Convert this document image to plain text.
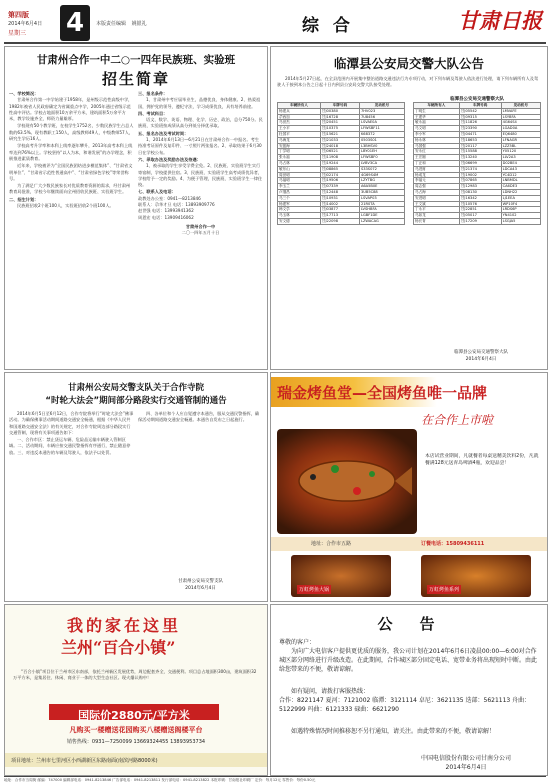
第四版
2014年6月4日
星期三 4	本版责任编辑 姚银礼	综 合	甘肃日报
甘肃州合作一中二○一四年民族班、实验班
招生简章
一、学校简况：

甘肃州合作第一中学始建于1958年，是州级示范性高级中学，1982年被省人民政府确定为省属重点中学，2005年通过省级示范性高中评估。学校占地面积10万余平方米，建筑面积5万余平方米，教学设施齐全，师资力量雄厚。

学校现有50个教学班，在校学生1752名，少数民族学生占总人数的63.5%。现有教职工150人，高级教师49人，中级教师57人，研究生学历16人。

学校高考升学率和本科上线率逐年攀升，2013年高考本科上线率达到76%以上。学校坚持“以人为本，和谐发展”的办学理念，积极推进素质教育。

近年来，学校被评为“全国民族团结进步模范集体”、“甘肃省文明单位”、“甘肃省示范性普通高中”、“甘肃省绿色学校”等荣誉称号。

为了满足广大少数民族家长对优质教育资源的需求，经甘肃州教育局批准，学校今年继续面向全州招收民族班、实验班学生。

二、招生计划：

民族班招收2个班100人，实验班招收2个班100人。

三、报名条件：

1、甘肃州中考应届毕业生，品德优良、身体健康。2、热爱祖国，拥护党的领导，遵纪守法，学习成绩优良，具有培养前途。

四、考试科目：

语文、数学、英语、物理、化学、历史、政治，总分750分。民族班、实验班按成绩从高分到低分择优录取。

五、报名办法及考试时间：

1、2014年6月13日—6月21日在甘肃州合作一中报名。考生持准考证原件及复印件、一寸照片两张报名。2、录取结果于6月30日在学校公布。

六、录取办法及奖励办法及待遇：

1、被录取的学生享受学费全免。2、民族班、实验班学生实行寄宿制，学校提供住宿。3、民族班、实验班学生高考成绩优异者，学校给予一定的奖励。4、为便于管理，民族班、实验班学生一律住校。

七、联系人及电话：
政教处办公室：0941—8213846
联系人：尕华才旦 电话：13893909776
赵世强 电话：13993941362
周恩宏 电话：13909416062
甘肃州合作一中
二〇一四年五月十日
临潭县公安局交警大队公告
2014年5月27日起，在全县范围内开展集中整治道路交通违法行为专项行动，对下列车辆及驾驶人依法进行处理，请下列车辆所有人及驾驶人于接到本公告之日起十日内到县公安局交警大队接受处理。
临潭县公安局交通警察大队
车辆所有人	车牌号码	发动机号
杨建兵	甘J00380	7HV023
尕西加	甘J16728	7U8456
马世杰	甘J20451	LSVAE0A
王小平	甘J10375	LFWSBF11
杜国平	甘J15621	K68372
马海龙	甘J21033	0503S01
安振海	甘J24018	L3BHSV0
丁学明	甘J06521	LBY01EH
张永福	甘J11908	LFWSBF0
马占林	甘J19244	LVBV3CA
敏东山	甘J08865	S33S072
周世明	甘J02174	4G69S4M
马福明	甘J19506	LZYTBG
李玉兰	甘J07339	A6A5B0E
卢继昌	甘J12448	3UB5C88
马三个	甘J10931	LSVAP03
杨建军	甘J14002	21R0TA
韩文学	甘J03877	LVSHBFA
马玉林	甘J17713	LGBF1DE
安文德	甘J22098	LZWACAG
车辆所有人	车牌号码	发动机号
丁明生	甘J05542	LMVAFE
王建华	甘J09315	LSYBFA
敏永福	甘J11826	4G64S4
马文明	甘J23390	LGAD0A
李小军	甘J04471	EQ6480
杨永林	甘J18653	LFNAGR
马国强	甘J20117	LZZ5BL
安永红	甘J15588	Y05120
王宏刚	甘J13240	LLV2A3
丁正和	甘J06699	D02BE4
马进财	甘J21374	LDCA43
杨成龙	甘J19002	YC4D12
李福元	甘J07865	LNBMDL
周志强	甘J12983	CA6DE3
马占海	甘J08130	LDNH22
安进明	甘J16342	LJ1EEA
王文斌	甘J10576	WP10F4
丁永平	甘J22851	LRDS6P
马如龙	甘J05017	YN4102
杨长青	甘J17209	LSGJA5
临潭县公安局交通警察大队
2014年6月4日
甘肃州公安局交警支队关于合作寺院
“时轮大法会”期间部分路段实行交通管制的通告

2014年6月5日至6月12日，合作寺院将举行“时轮大法会”佛事活动。为确保佛事活动期间道路交通安全畅通，根据《中华人民共和国道路交通安全法》的有关规定，对合作寺院周边部分路段实行交通管制，现将有关事项通告如下：

一、合作市区：禁止货运车辆、危险品运输车辆驶入管制区域。二、活动期间，车辆应按交通民警指挥有序通行，禁止随意停放。三、对违反本通告的车辆及驾驶人，依法予以处罚。

四、各单位和个人应自觉遵守本通告，服从交通民警指挥，确保活动期间道路交通安全畅通。本通告自发布之日起施行。

甘肃州公安局交警支队
2014年6月4日
瑞金烤鱼堂—全国烤鱼唯一品牌
在合作上市啦
本店试营业期间，凡就餐者每桌送精美饮料2份，凡就餐满128元送青岛啤酒4瓶，欢迎品尝！
地址：合作市五路	订餐电话：15809436111
万虹烤鱼大锅	万虹烤鱼系列
我的家在这里
兰州“百合小镇”
“百合小镇”项目位于兰州市区东南部，依托兰州新区发展优势，周边配套齐全，交通便利。项目总占地面积300亩，建筑面积32万平方米，是集居住、休闲、商业于一体的大型生态社区。现火爆认购中！
国际价2880元/平方米
凡购买一楼赠送花园购买八楼赠送阁楼平台
销售热线：0931—7250099 13669324455 13893953734
项目地址：兰州市七里河区小西湖新区东路南面(南滨河路8000米)
公　告
尊敬的客户：
为向广大电信客户提供更优质的服务，我公司计划在2014年6月6日凌晨00:00—6:00对合作城区部分网络进行升级改造。在此期间，合作城区部分固定电话、宽带业务将出现短时中断。由此给您带来的不便，敬请谅解。
如有疑问，请拨打客服热线：
合作：8221147 夏河：7121002 临潭：3121114 卓尼：3621135 迭部：5621113 舟曲：5122999 玛曲：6121333 碌曲：6621290
如遇特殊情况时间推移恕不另行通知，请关注。由此带来的不便，敬请谅解！
中国电信股份有限公司甘南分公司
2014年6月4日
地址：合作市当周街 邮编：747000 编辑部电话：0941-8213846 广告部电话：0941-8213811 发行部电话：0941-8213822 本报印刷：甘南报社印刷厂 定价：每月12元 零售价：每份0.50元
